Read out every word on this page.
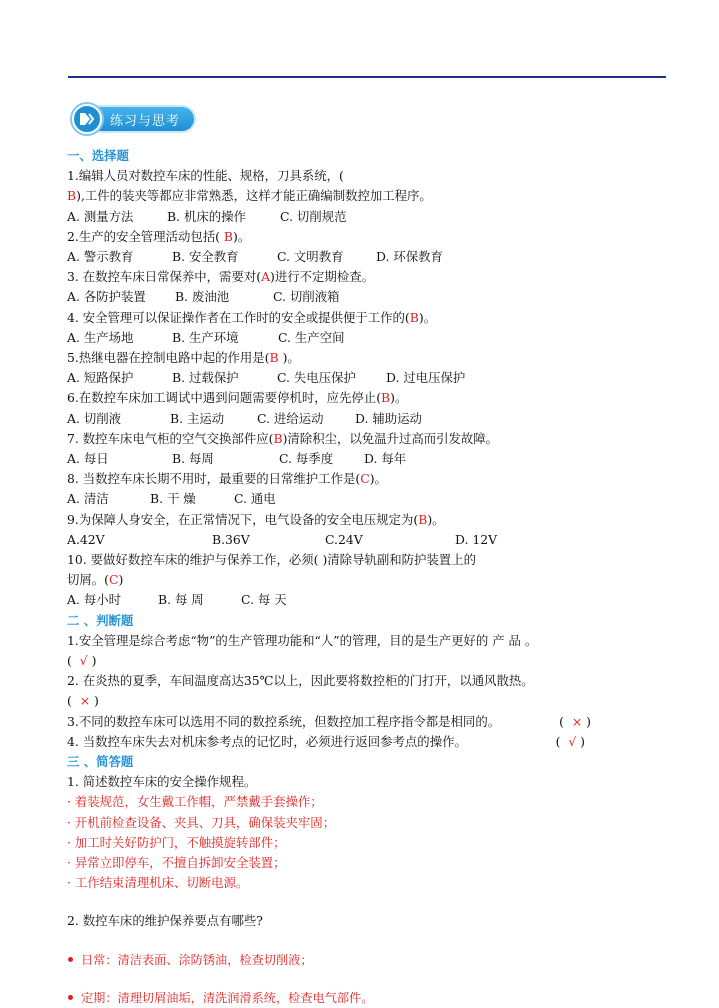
练习与思考
一、选择题
1.编辑人员对数控车床的性能、规格，刀具系统，(
B),工件的装夹等都应非常熟悉，这样才能正确编制数控加工程序。
A. 测量方法	B. 机床的操作	C. 切削规范
2.生产的安全管理活动包括( B)。
A. 警示教育	B. 安全教育	C. 文明教育	D. 环保教育
3. 在数控车床日常保养中，需要对(A)进行不定期检查。
A. 各防护装置 B. 废油池	C. 切削液箱
4. 安全管理可以保证操作者在工作时的安全或提供便于工作的(B)。
A. 生产场地	B. 生产环境	C. 生产空间
5.热继电器在控制电路中起的作用是(B )。
A. 短路保护	B. 过载保护	C. 失电压保护 D. 过电压保护
6.在数控车床加工调试中遇到问题需要停机时，应先停止(B)。
A. 切削液	B. 主运动	C. 进给运动	D. 辅助运动
7. 数控车床电气柜的空气交换部件应(B)清除积尘，以免温升过高而引发故障。
A. 每日	B. 每周	C. 每季度 D. 每年
8. 当数控车床长期不用时，最重要的日常维护工作是(C)。
A. 清洁	B. 干 燥	C. 通电
9.为保障人身安全，在正常情况下，电气设备的安全电压规定为(B)。
A.42V	B.36V	C.24V	D. 12V
10. 要做好数控车床的维护与保养工作，必须( )清除导轨副和防护装置上的
切屑。(C)
A. 每小时	B. 每 周	C. 每 天
二 、判断题
1.安全管理是综合考虑“物”的生产管理功能和“人”的管理，目的是生产更好的 产 品 。
(  √ )
2. 在炎热的夏季，车间温度高达35℃以上，因此要将数控柜的门打开，以通风散热。
(  × )
3.不同的数控车床可以选用不同的数控系统，但数控加工程序指令都是相同的。	(  × )
4. 当数控车床失去对机床参考点的记忆时，必须进行返回参考点的操作。	(  √ )
三 、简答题
1. 简述数控车床的安全操作规程。
· 着装规范，女生戴工作帽，严禁戴手套操作；
· 开机前检查设备、夹具、刀具，确保装夹牢固；
· 加工时关好防护门，不触摸旋转部件；
· 异常立即停车，不擅自拆卸安全装置；
· 工作结束清理机床、切断电源。
2. 数控车床的维护保养要点有哪些?
日常：清洁表面、涂防锈油，检查切削液；
定期：清理切屑油垢，清洗润滑系统，检查电气部件。
